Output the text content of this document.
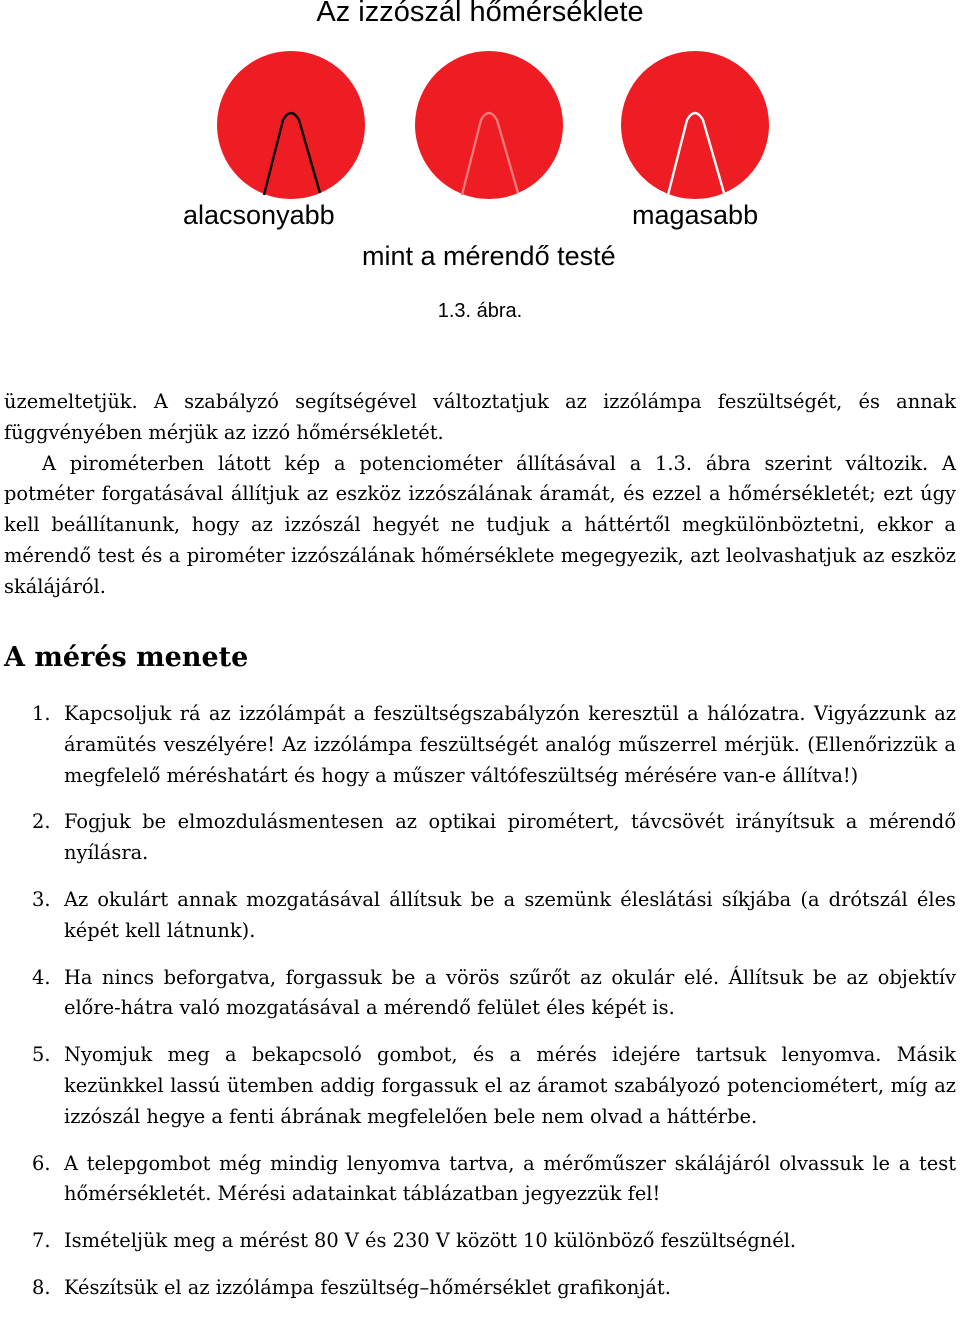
Az izzószál hőmérséklete
alacsonyabb	magasabb
mint a mérendő testé
1.3. ábra.

üzemeltetjük. A szabályzó segítségével változtatjuk az izzólámpa feszültségét, és annak függvényében mérjük az izzó hőmérsékletét.

A pirométerben látott kép a potenciométer állításával a 1.3. ábra szerint változik. A potméter forgatásával állítjuk az eszköz izzószálának áramát, és ezzel a hőmérsékletét; ezt úgy kell beállítanunk, hogy az izzószál hegyét ne tudjuk a háttértől megkülönböztetni, ekkor a mérendő test és a pirométer izzószálának hőmérséklete megegyezik, azt leolvashatjuk az eszköz skálájáról.

A mérés menete
1. Kapcsoljuk rá az izzólámpát a feszültségszabályzón keresztül a hálózatra. Vigyázzunk az áramütés veszélyére! Az izzólámpa feszültségét analóg műszerrel mérjük. (Ellenőrizzük a megfelelő méréshatárt és hogy a műszer váltófeszültség mérésére van-e állítva!)
2. Fogjuk be elmozdulásmentesen az optikai pirométert, távcsövét irányítsuk a mérendő nyílásra.
3. Az okulárt annak mozgatásával állítsuk be a szemünk éleslátási síkjába (a drótszál éles képét kell látnunk).
4. Ha nincs beforgatva, forgassuk be a vörös szűrőt az okulár elé. Állítsuk be az objektív előre-hátra való mozgatásával a mérendő felület éles képét is.
5. Nyomjuk meg a bekapcsoló gombot, és a mérés idejére tartsuk lenyomva. Másik kezünkkel lassú ütemben addig forgassuk el az áramot szabályozó potenciométert, míg az izzószál hegye a fenti ábrának megfelelően bele nem olvad a háttérbe.
6. A telepgombot még mindig lenyomva tartva, a mérőműszer skálájáról olvassuk le a test hőmérsékletét. Mérési adatainkat táblázatban jegyezzük fel!
7. Ismételjük meg a mérést 80 V és 230 V között 10 különböző feszültségnél.
8. Készítsük el az izzólámpa feszültség–hőmérséklet grafikonját.
